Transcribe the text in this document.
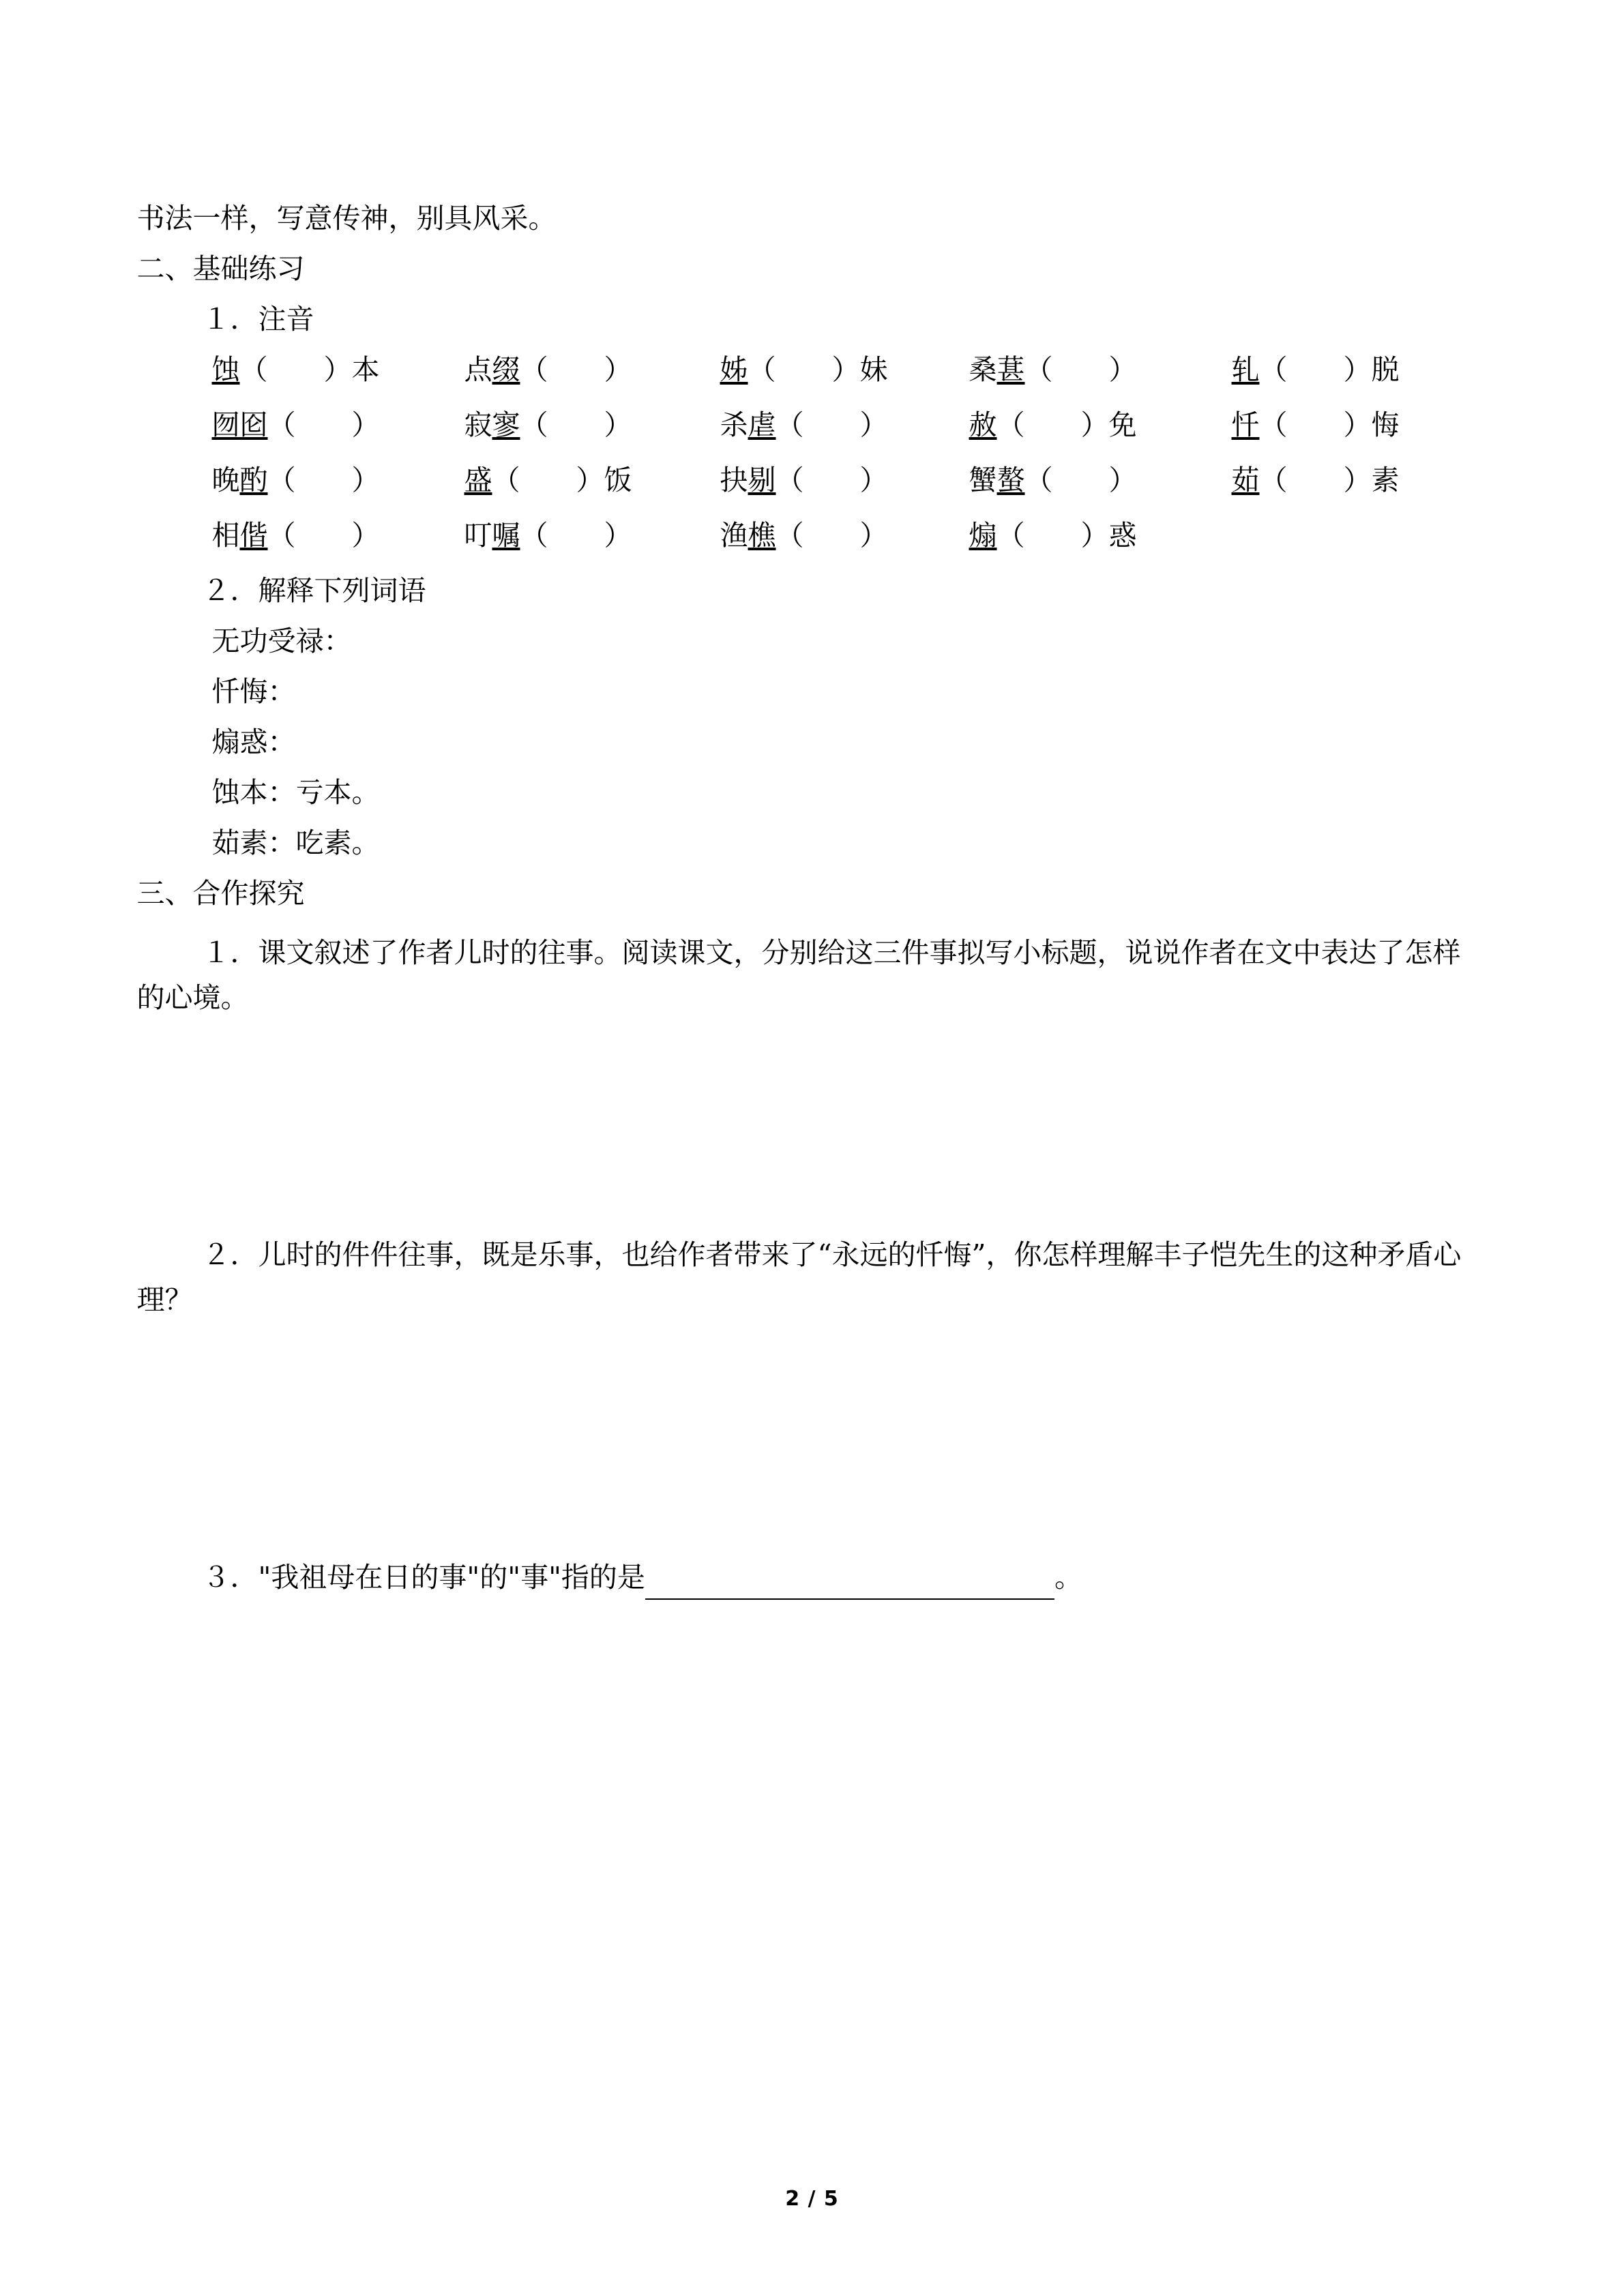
书法一样，写意传神，别具风采。

二、基础练习

１．注音

蚀（　　）本	点缀（　　）	姊（　　）妹	桑葚（　　）	轧（　　）脱
囫囵（　　）	寂寥（　　）	杀虐（　　）	赦（　　）免	忏（　　）悔
晚酌（　　）	盛（　　）饭	抉剔（　　）	蟹螯（　　）	茹（　　）素
相偕（　　）	叮嘱（　　）	渔樵（　　）	煽（　　）惑

２．解释下列词语

无功受禄：

忏悔：

煽惑：

蚀本：亏本。

茹素：吃素。

三、合作探究

１．课文叙述了作者儿时的往事。阅读课文，分别给这三件事拟写小标题，说说作者在文中表达了怎样的心境。

２．儿时的件件往事，既是乐事，也给作者带来了“永远的忏悔”，你怎样理解丰子恺先生的这种矛盾心理？

３．"我祖母在日的事"的"事"指的是	。

2 / 5
